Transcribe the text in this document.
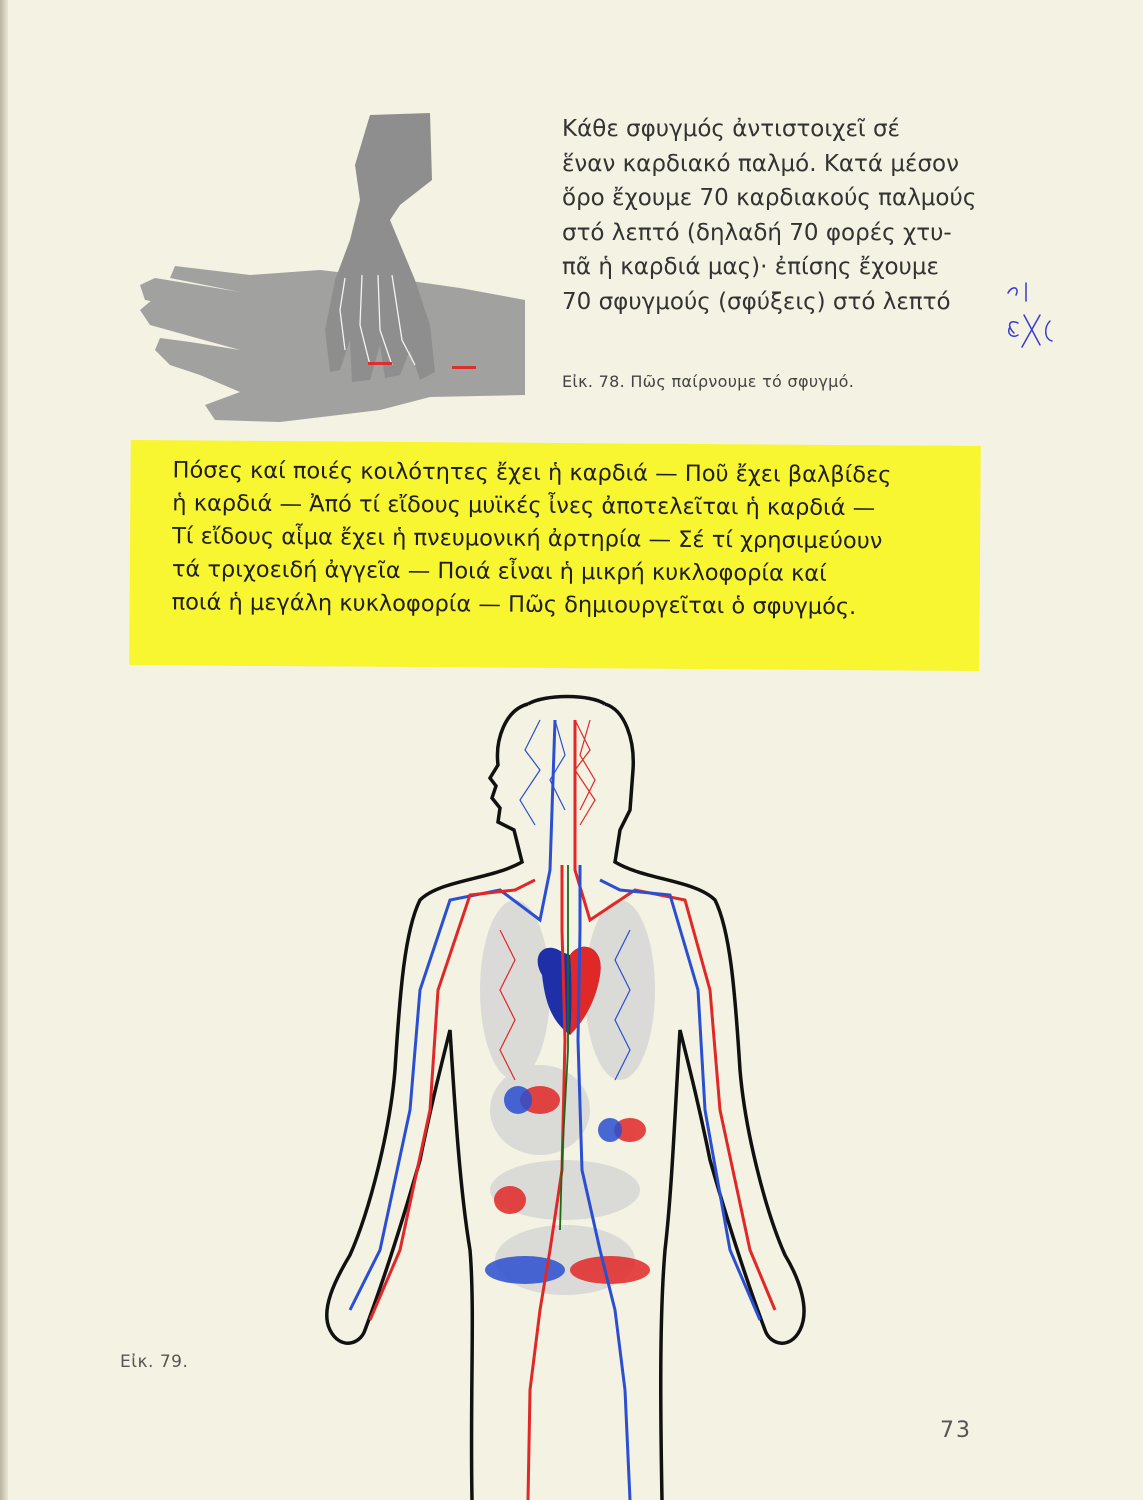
Κάθε σφυγμός ἀντιστοιχεῖ σέ
ἕναν καρδιακό παλμό. Κατά μέσον
ὅρο ἔχουμε 70 καρδιακούς παλμούς
στό λεπτό (δηλαδή 70 φορές χτυ-
πᾶ ἡ καρδιά μας)· ἐπίσης ἔχουμε
70 σφυγμούς (σφύξεις) στό λεπτό
Εἰκ. 78. Πῶς παίρνουμε τό σφυγμό.
Πόσες καί ποιές κοιλότητες ἔχει ἡ καρδιά — Ποῦ ἔχει βαλβίδες
ἡ καρδιά — Ἀπό τί εἴδους μυϊκές ἶνες ἀποτελεῖται ἡ καρδιά —
Τί εἴδους αἷμα ἔχει ἡ πνευμονική ἀρτηρία — Σέ τί χρησιμεύουν
τά τριχοειδή ἀγγεῖα — Ποιά εἶναι ἡ μικρή κυκλοφορία καί
ποιά ἡ μεγάλη κυκλοφορία — Πῶς δημιουργεῖται ὁ σφυγμός.
Εἰκ. 79.
73
